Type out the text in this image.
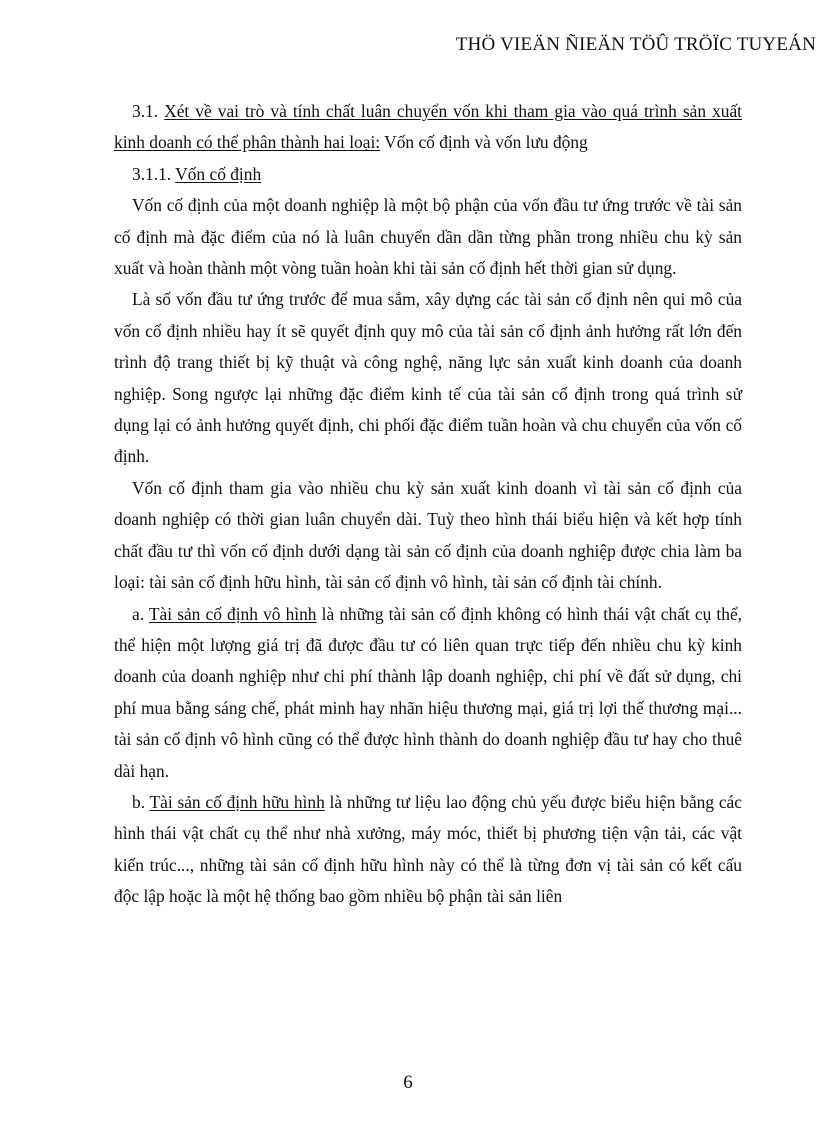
THÖ VIEÄN ÑIEÄN TÖÛ TRÖÏC TUYEÁN

3.1. Xét về vai trò và tính chất luân chuyển vốn khi tham gia vào quá trình sản xuất kinh doanh có thể phân thành hai loại: Vốn cố định và vốn lưu động

3.1.1. Vốn cố định

Vốn cố định của một doanh nghiệp là một bộ phận của vốn đầu tư ứng trước về tài sản cố định mà đặc điểm của nó là luân chuyển dần dần từng phần trong nhiều chu kỳ sản xuất và hoàn thành một vòng tuần hoàn khi tài sản cố định hết thời gian sử dụng.

Là số vốn đầu tư ứng trước để mua sắm, xây dựng các tài sản cố định nên qui mô của vốn cố định nhiều hay ít sẽ quyết định quy mô của tài sản cố định ảnh hưởng rất lớn đến trình độ trang thiết bị kỹ thuật và công nghệ, năng lực sản xuất kinh doanh của doanh nghiệp. Song ngược lại những đặc điểm kinh tế của tài sản cố định trong quá trình sử dụng lại có ảnh hưởng quyết định, chi phối đặc điểm tuần hoàn và chu chuyển của vốn cố định.

Vốn cố định tham gia vào nhiều chu kỳ sản xuất kinh doanh vì tài sản cố định của doanh nghiệp có thời gian luân chuyển dài. Tuỳ theo hình thái biểu hiện và kết hợp tính chất đầu tư thì vốn cố định dưới dạng tài sản cố định của doanh nghiệp được chia làm ba loại: tài sản cố định hữu hình, tài sản cố định vô hình, tài sản cố định tài chính.

a. Tài sản cố định vô hình là những tài sản cố định không có hình thái vật chất cụ thể, thể hiện một lượng giá trị đã được đầu tư có liên quan trực tiếp đến nhiều chu kỳ kinh doanh của doanh nghiệp như chi phí thành lập doanh nghiệp, chi phí về đất sử dụng, chi phí mua bằng sáng chế, phát minh hay nhãn hiệu thương mại, giá trị lợi thế thương mại... tài sản cố định vô hình cũng có thể được hình thành do doanh nghiệp đầu tư hay cho thuê dài hạn.

b. Tài sản cố định hữu hình là những tư liệu lao động chủ yếu được biểu hiện bằng các hình thái vật chất cụ thể như nhà xưởng, máy móc, thiết bị phương tiện vận tải, các vật kiến trúc..., những tài sản cố định hữu hình này có thể là từng đơn vị tài sản có kết cấu độc lập hoặc là một hệ thống bao gồm nhiều bộ phận tài sản liên

6
